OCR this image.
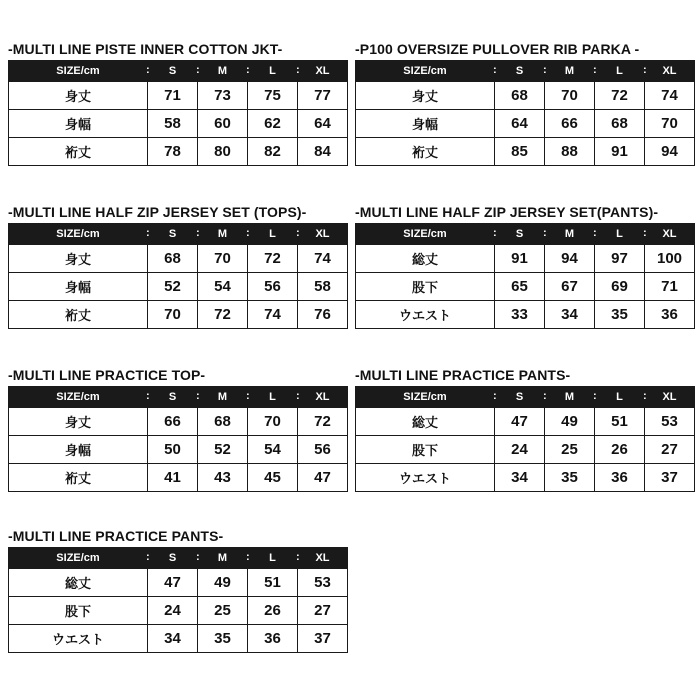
-MULTI LINE PISTE INNER COTTON JKT-
SIZE/cm	: S	: M	: L	: XL
身丈	71	73	75	77
身幅	58	60	62	64
裄丈	78	80	82	84
-P100 OVERSIZE PULLOVER RIB PARKA -
SIZE/cm	: S	: M	: L	: XL
身丈	68	70	72	74
身幅	64	66	68	70
裄丈	85	88	91	94
-MULTI LINE HALF ZIP JERSEY SET (TOPS)-
SIZE/cm	: S	: M	: L	: XL
身丈	68	70	72	74
身幅	52	54	56	58
裄丈	70	72	74	76
-MULTI LINE HALF ZIP JERSEY SET(PANTS)-
SIZE/cm	: S	: M	: L	: XL
総丈	91	94	97	100
股下	65	67	69	71
ウエスト	33	34	35	36
-MULTI LINE PRACTICE TOP-
SIZE/cm	: S	: M	: L	: XL
身丈	66	68	70	72
身幅	50	52	54	56
裄丈	41	43	45	47
-MULTI LINE PRACTICE PANTS-
SIZE/cm	: S	: M	: L	: XL
総丈	47	49	51	53
股下	24	25	26	27
ウエスト	34	35	36	37
-MULTI LINE PRACTICE PANTS-
SIZE/cm	: S	: M	: L	: XL
総丈	47	49	51	53
股下	24	25	26	27
ウエスト	34	35	36	37
